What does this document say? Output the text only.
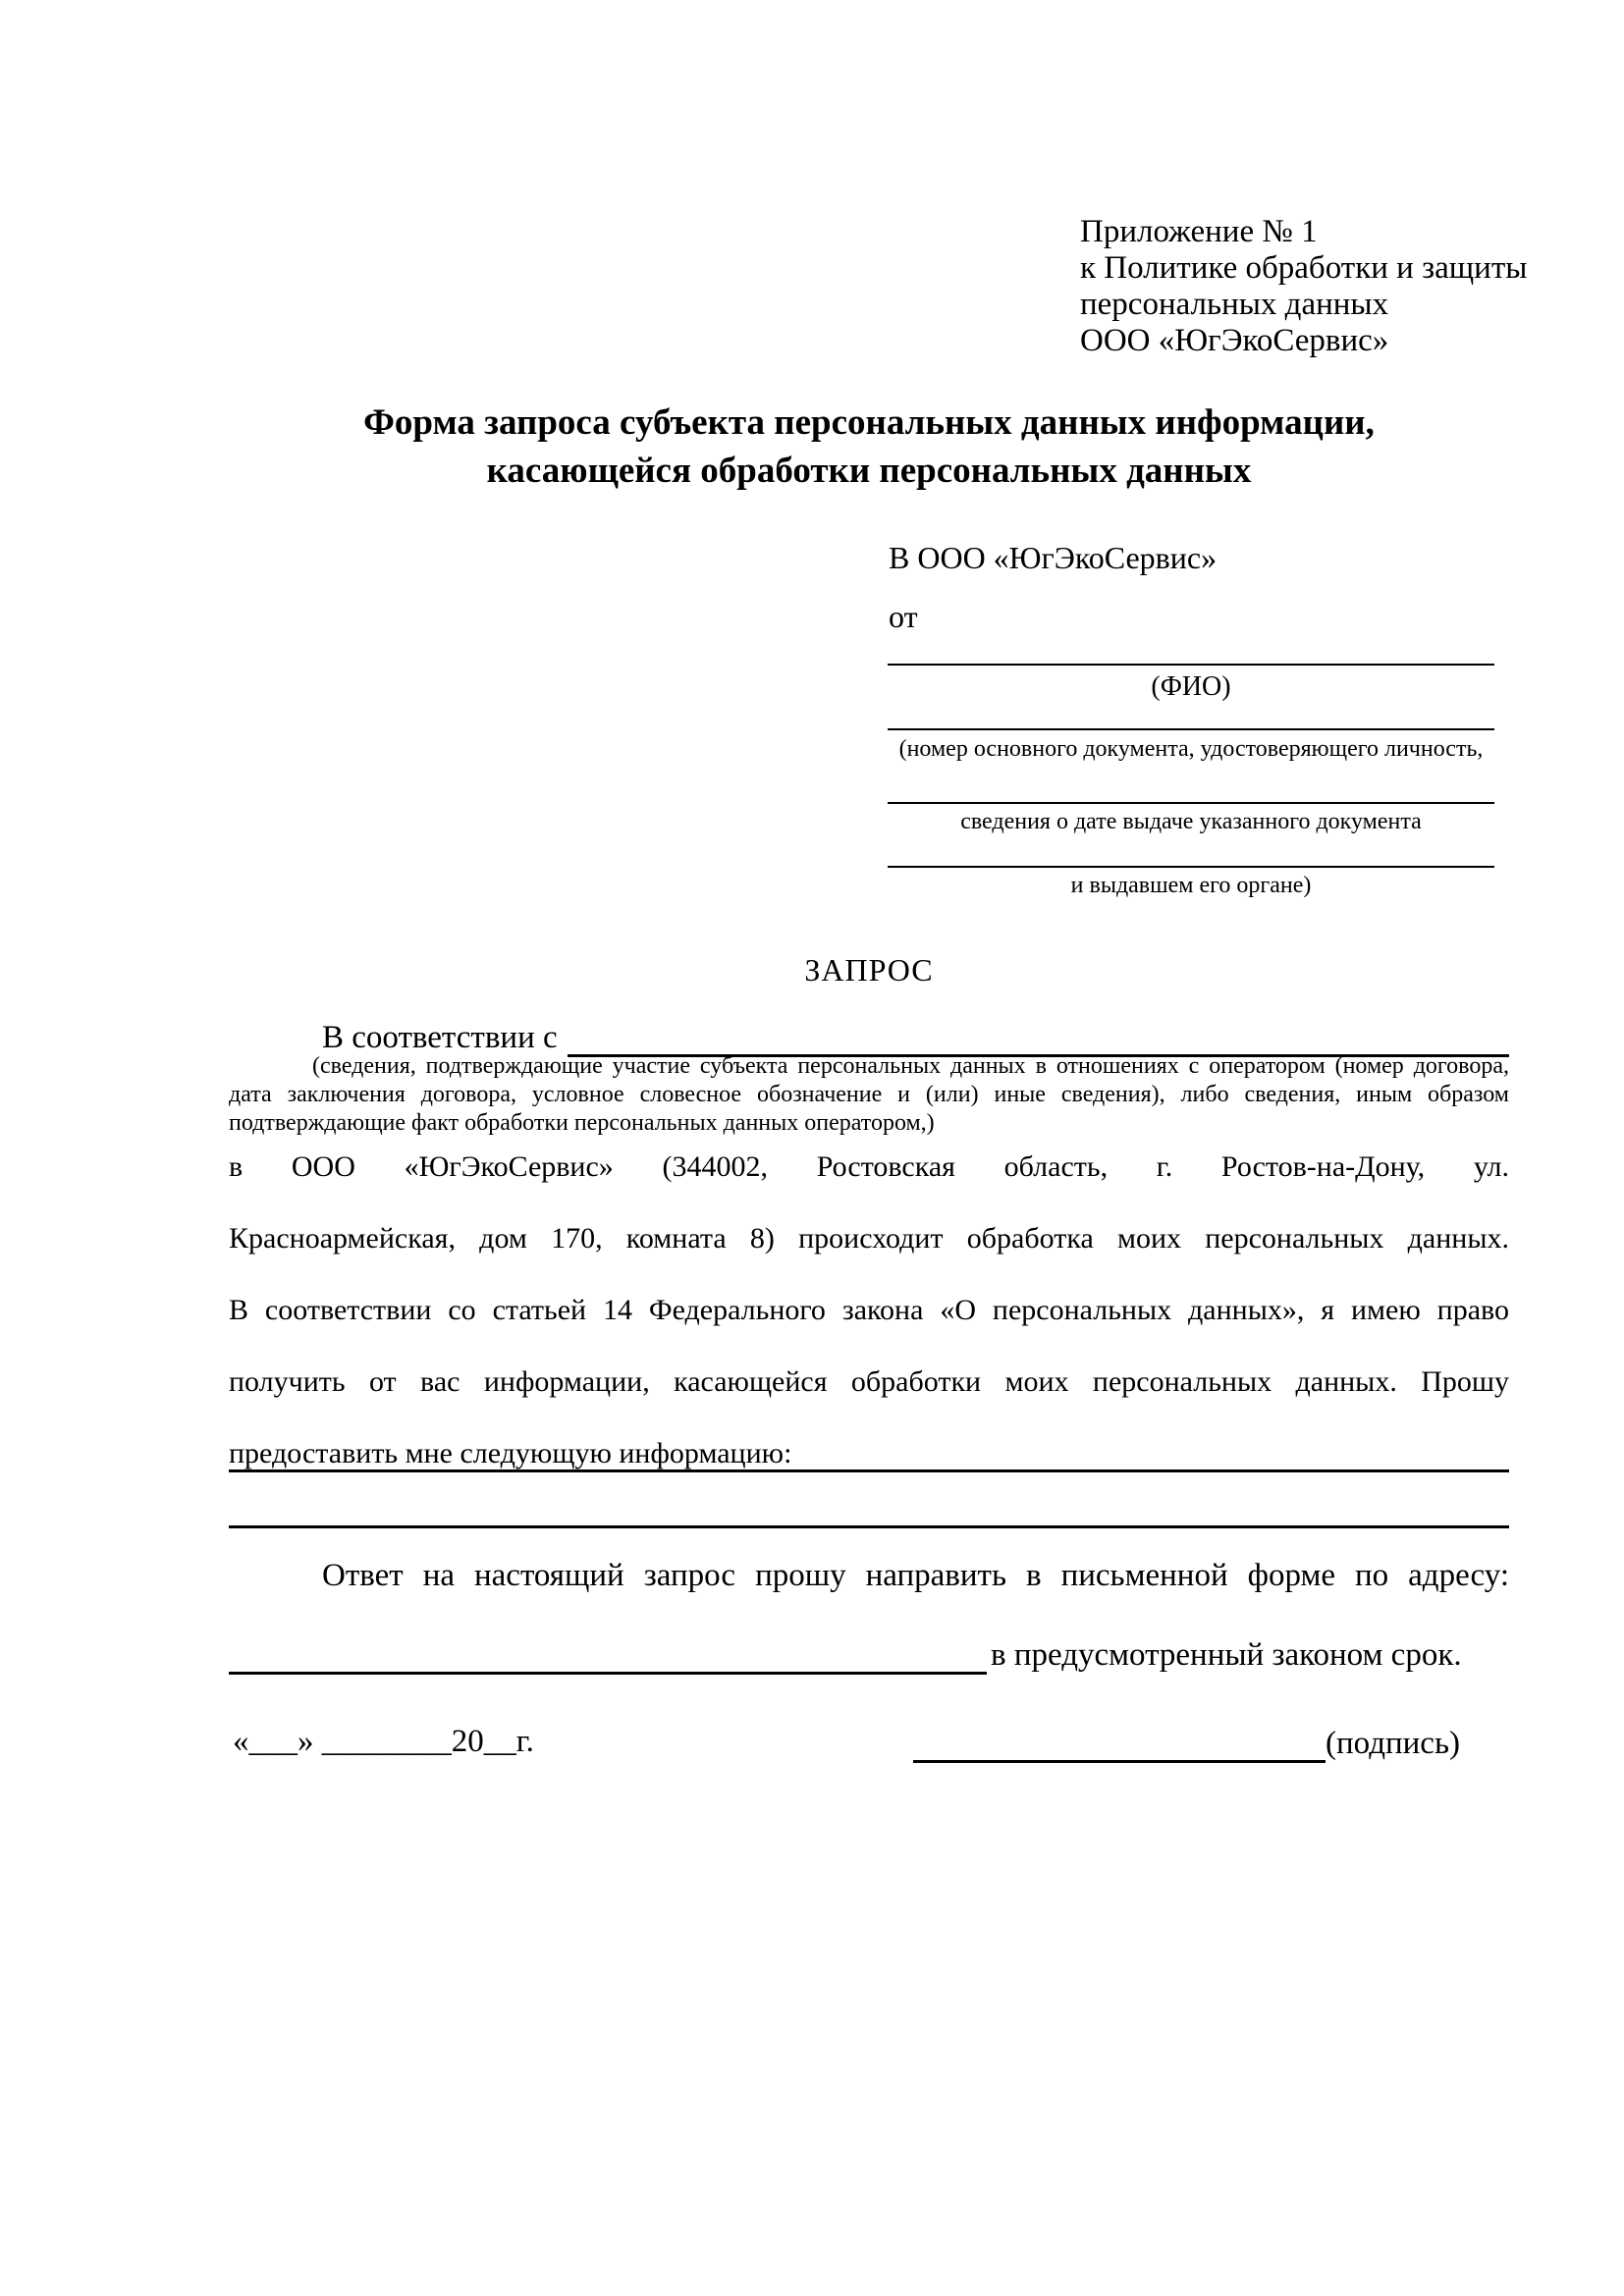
Приложение № 1
к Политике обработки и защиты
персональных данных
ООО «ЮгЭкоСервис»
Форма запроса субъекта персональных данных информации,
касающейся обработки персональных данных
В ООО «ЮгЭкоСервис»
от
(ФИО)
(номер основного документа, удостоверяющего личность,
сведения о дате выдаче указанного документа
и выдавшем его органе)
ЗАПРОС
В соответствии с
(сведения, подтверждающие участие субъекта персональных данных в отношениях с оператором (номер договора, дата заключения договора, условное словесное обозначение и (или) иные сведения), либо сведения, иным образом подтверждающие факт обработки персональных данных оператором,)
в ООО «ЮгЭкоСервис» (344002, Ростовская область, г. Ростов-на-Дону, ул.
Красноармейская, дом 170, комната 8) происходит обработка моих персональных данных.
В соответствии со статьей 14 Федерального закона «О персональных данных», я имею право
получить от вас информации, касающейся обработки моих персональных данных. Прошу
предоставить мне следующую информацию:
Ответ на настоящий запрос прошу направить в письменной форме по адресу:
в предусмотренный законом срок.
«___» ________20__г.	(подпись)
